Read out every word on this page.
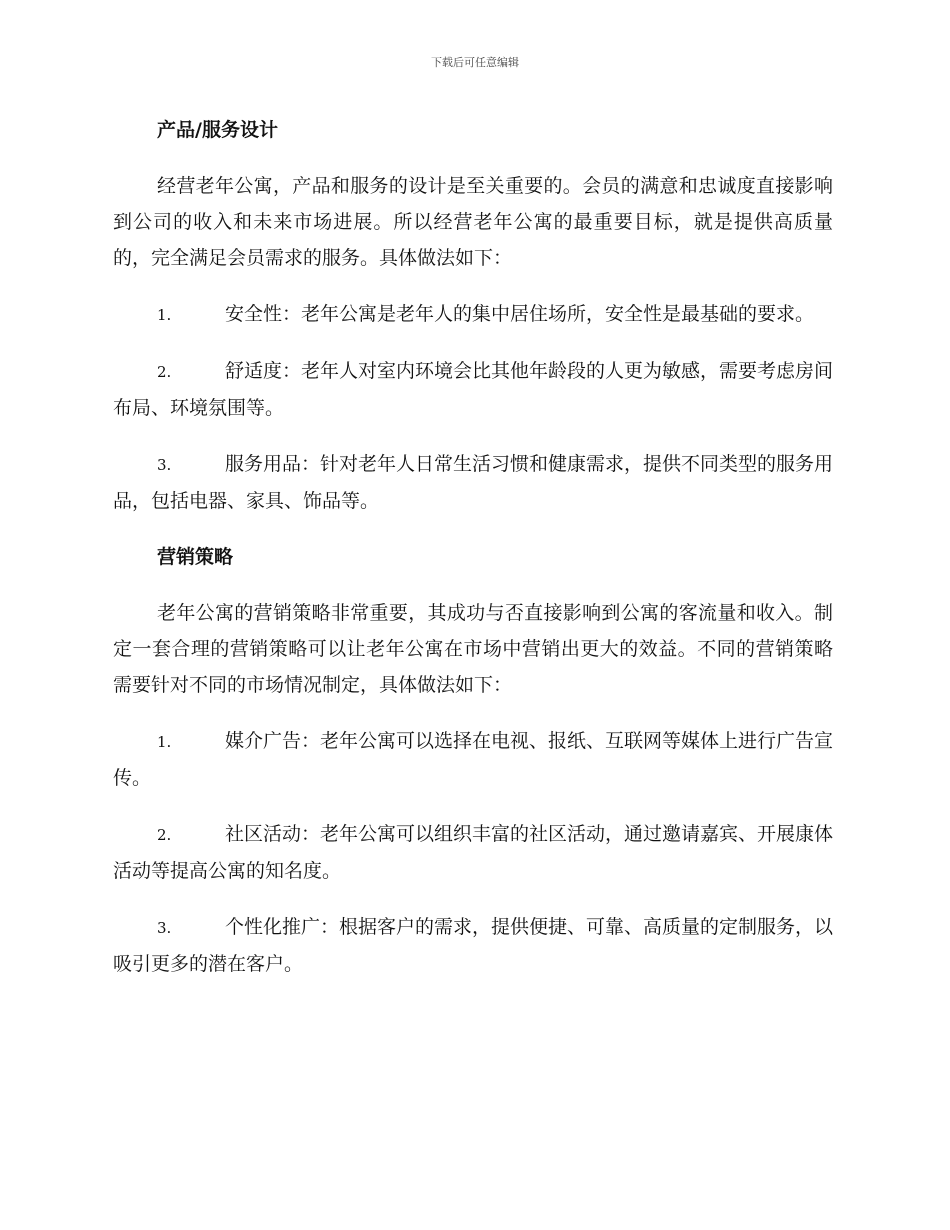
下载后可任意编辑
产品/服务设计

经营老年公寓，产品和服务的设计是至关重要的。会员的满意和忠诚度直接影响到公司的收入和未来市场进展。所以经营老年公寓的最重要目标，就是提供高质量的，完全满足会员需求的服务。具体做法如下：

1.	安全性：老年公寓是老年人的集中居住场所，安全性是最基础的要求。

2.	舒适度：老年人对室内环境会比其他年龄段的人更为敏感，需要考虑房间布局、环境氛围等。

3.	服务用品：针对老年人日常生活习惯和健康需求，提供不同类型的服务用品，包括电器、家具、饰品等。

营销策略

老年公寓的营销策略非常重要，其成功与否直接影响到公寓的客流量和收入。制定一套合理的营销策略可以让老年公寓在市场中营销出更大的效益。不同的营销策略需要针对不同的市场情况制定，具体做法如下：

1.	媒介广告：老年公寓可以选择在电视、报纸、互联网等媒体上进行广告宣传。

2.	社区活动：老年公寓可以组织丰富的社区活动，通过邀请嘉宾、开展康体活动等提高公寓的知名度。

3.	个性化推广：根据客户的需求，提供便捷、可靠、高质量的定制服务，以吸引更多的潜在客户。
